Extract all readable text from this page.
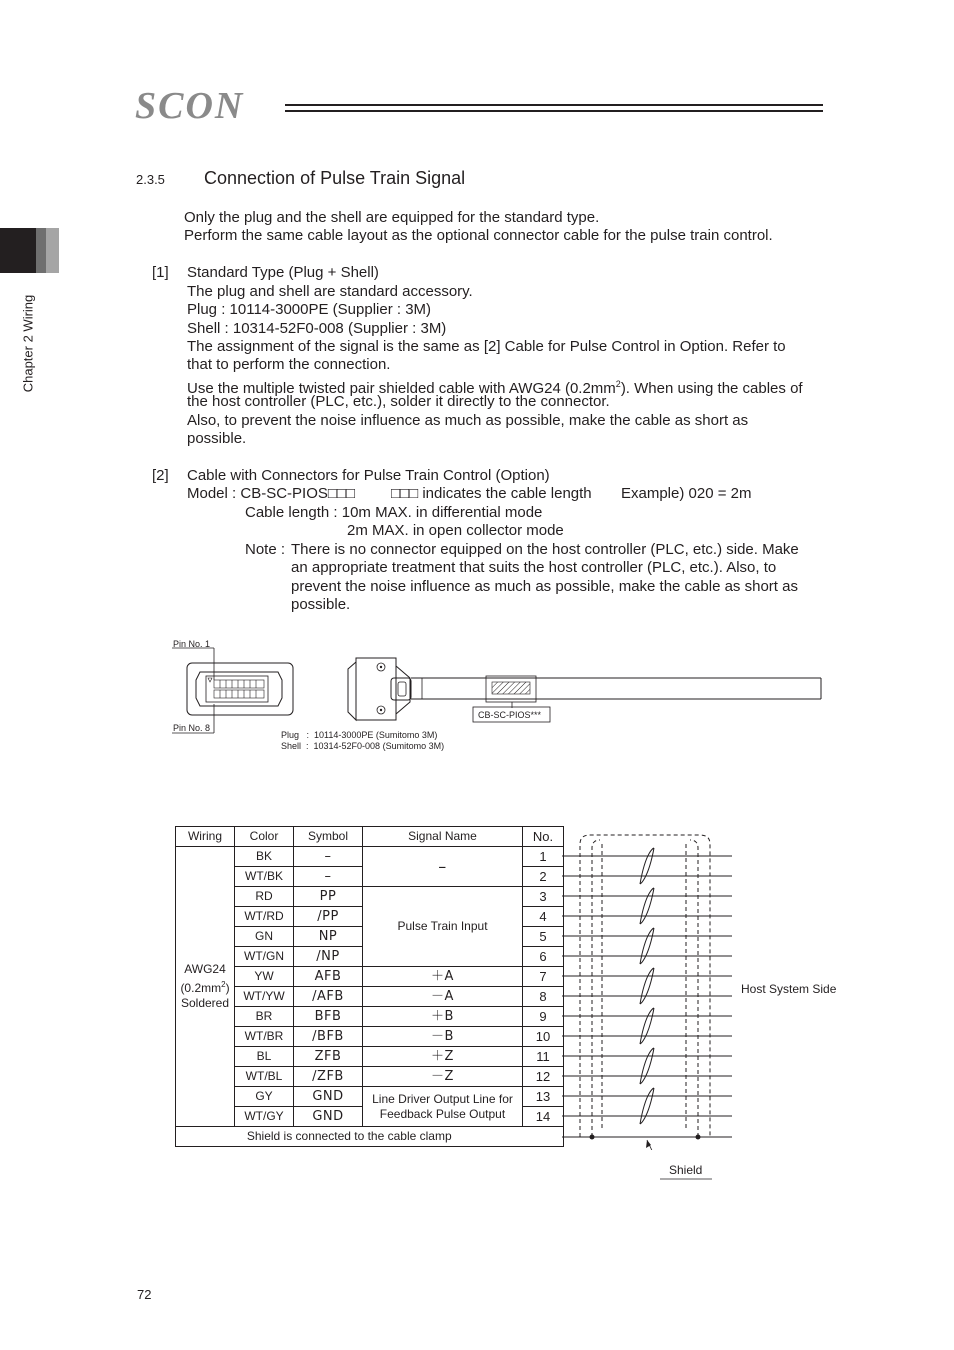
SCON
Chapter 2 Wiring
2.3.5 Connection of Pulse Train Signal
Only the plug and the shell are equipped for the standard type.
Perform the same cable layout as the optional connector cable for the pulse train control.
[1] Standard Type (Plug + Shell)
The plug and shell are standard accessory.
Plug : 10114-3000PE (Supplier : 3M)
Shell : 10314-52F0-008 (Supplier : 3M)
The assignment of the signal is the same as [2] Cable for Pulse Control in Option. Refer to
that to perform the connection.
Use the multiple twisted pair shielded cable with AWG24 $(0.2mm^2)$. When using the cables of
the host controller (PLC, etc.), solder it directly to the connector.
Also, to prevent the noise influence as much as possible, make the cable as short as
possible.
[2] Cable with Connectors for Pulse Train Control (Option)
Model : CB-SC-PIOS□□□ □□□ indicates the cable length Example) 020 = 2m
Cable length : 10m MAX. in differential mode
2m MAX. in open collector mode
Note : There is no connector equipped on the host controller (PLC, etc.) side. Make
an appropriate treatment that suits the host controller (PLC, etc.). Also, to
prevent the noise influence as much as possible, make the cable as short as
possible.
Pin No. 1
Pin No. 8
CB-SC-PIOS***
Plug   :  10114-3000PE (Sumitomo 3M)
Shell  :  10314-52F0-008 (Sumitomo 3M)
Wiring	Color	Symbol	Signal Name	No.
AWG24
$(0.2mm^2)$
Soldered	BK	–	–	1
	WT/BK	–		2
	RD	PP	Pulse Train Input	3
	WT/RD	/PP		4
	GN	NP		5
	WT/GN	/NP		6
	YW	AFB	＋A	7
	WT/YW	/AFB	－A	8
	BR	BFB	＋B	9
	WT/BR	/BFB	－B	10
	BL	ZFB	＋Z	11
	WT/BL	/ZFB	－Z	12
	GY	GND	Line Driver Output Line for Feedback Pulse Output	13
	WT/GY	GND		14
Shield is connected to the cable clamp				
Host System Side
Shield
72
